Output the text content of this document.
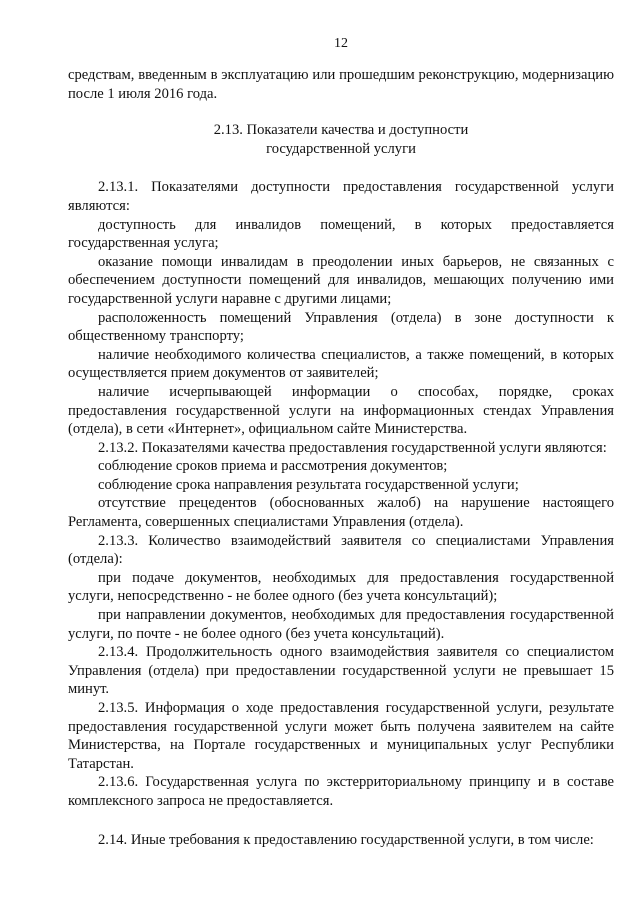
12

средствам, введенным в эксплуатацию или прошедшим реконструкцию, модернизацию после 1 июля 2016 года.

2.13. Показатели качества и доступности
государственной услуги

2.13.1. Показателями доступности предоставления государственной услуги являются:

доступность для инвалидов помещений, в которых предоставляется государственная услуга;

оказание помощи инвалидам в преодолении иных барьеров, не связанных с обеспечением доступности помещений для инвалидов, мешающих получению ими государственной услуги наравне с другими лицами;

расположенность помещений Управления (отдела) в зоне доступности к общественному транспорту;

наличие необходимого количества специалистов, а также помещений, в которых осуществляется прием документов от заявителей;

наличие исчерпывающей информации о способах, порядке, сроках предоставления государственной услуги на информационных стендах Управления (отдела), в сети «Интернет», официальном сайте Министерства.

2.13.2. Показателями качества предоставления государственной услуги являются:

соблюдение сроков приема и рассмотрения документов;

соблюдение срока направления результата государственной услуги;

отсутствие прецедентов (обоснованных жалоб) на нарушение настоящего Регламента, совершенных специалистами Управления (отдела).

2.13.3. Количество взаимодействий заявителя со специалистами Управления (отдела):

при подаче документов, необходимых для предоставления государственной услуги, непосредственно - не более одного (без учета консультаций);

при направлении документов, необходимых для предоставления государственной услуги, по почте - не более одного (без учета консультаций).

2.13.4. Продолжительность одного взаимодействия заявителя со специалистом Управления (отдела) при предоставлении государственной услуги не превышает 15 минут.

2.13.5. Информация о ходе предоставления государственной услуги, результате предоставления государственной услуги может быть получена заявителем на сайте Министерства, на Портале государственных и муниципальных услуг Республики Татарстан.

2.13.6. Государственная услуга по экстерриториальному принципу и в составе комплексного запроса не предоставляется.

2.14. Иные требования к предоставлению государственной услуги, в том числе:
